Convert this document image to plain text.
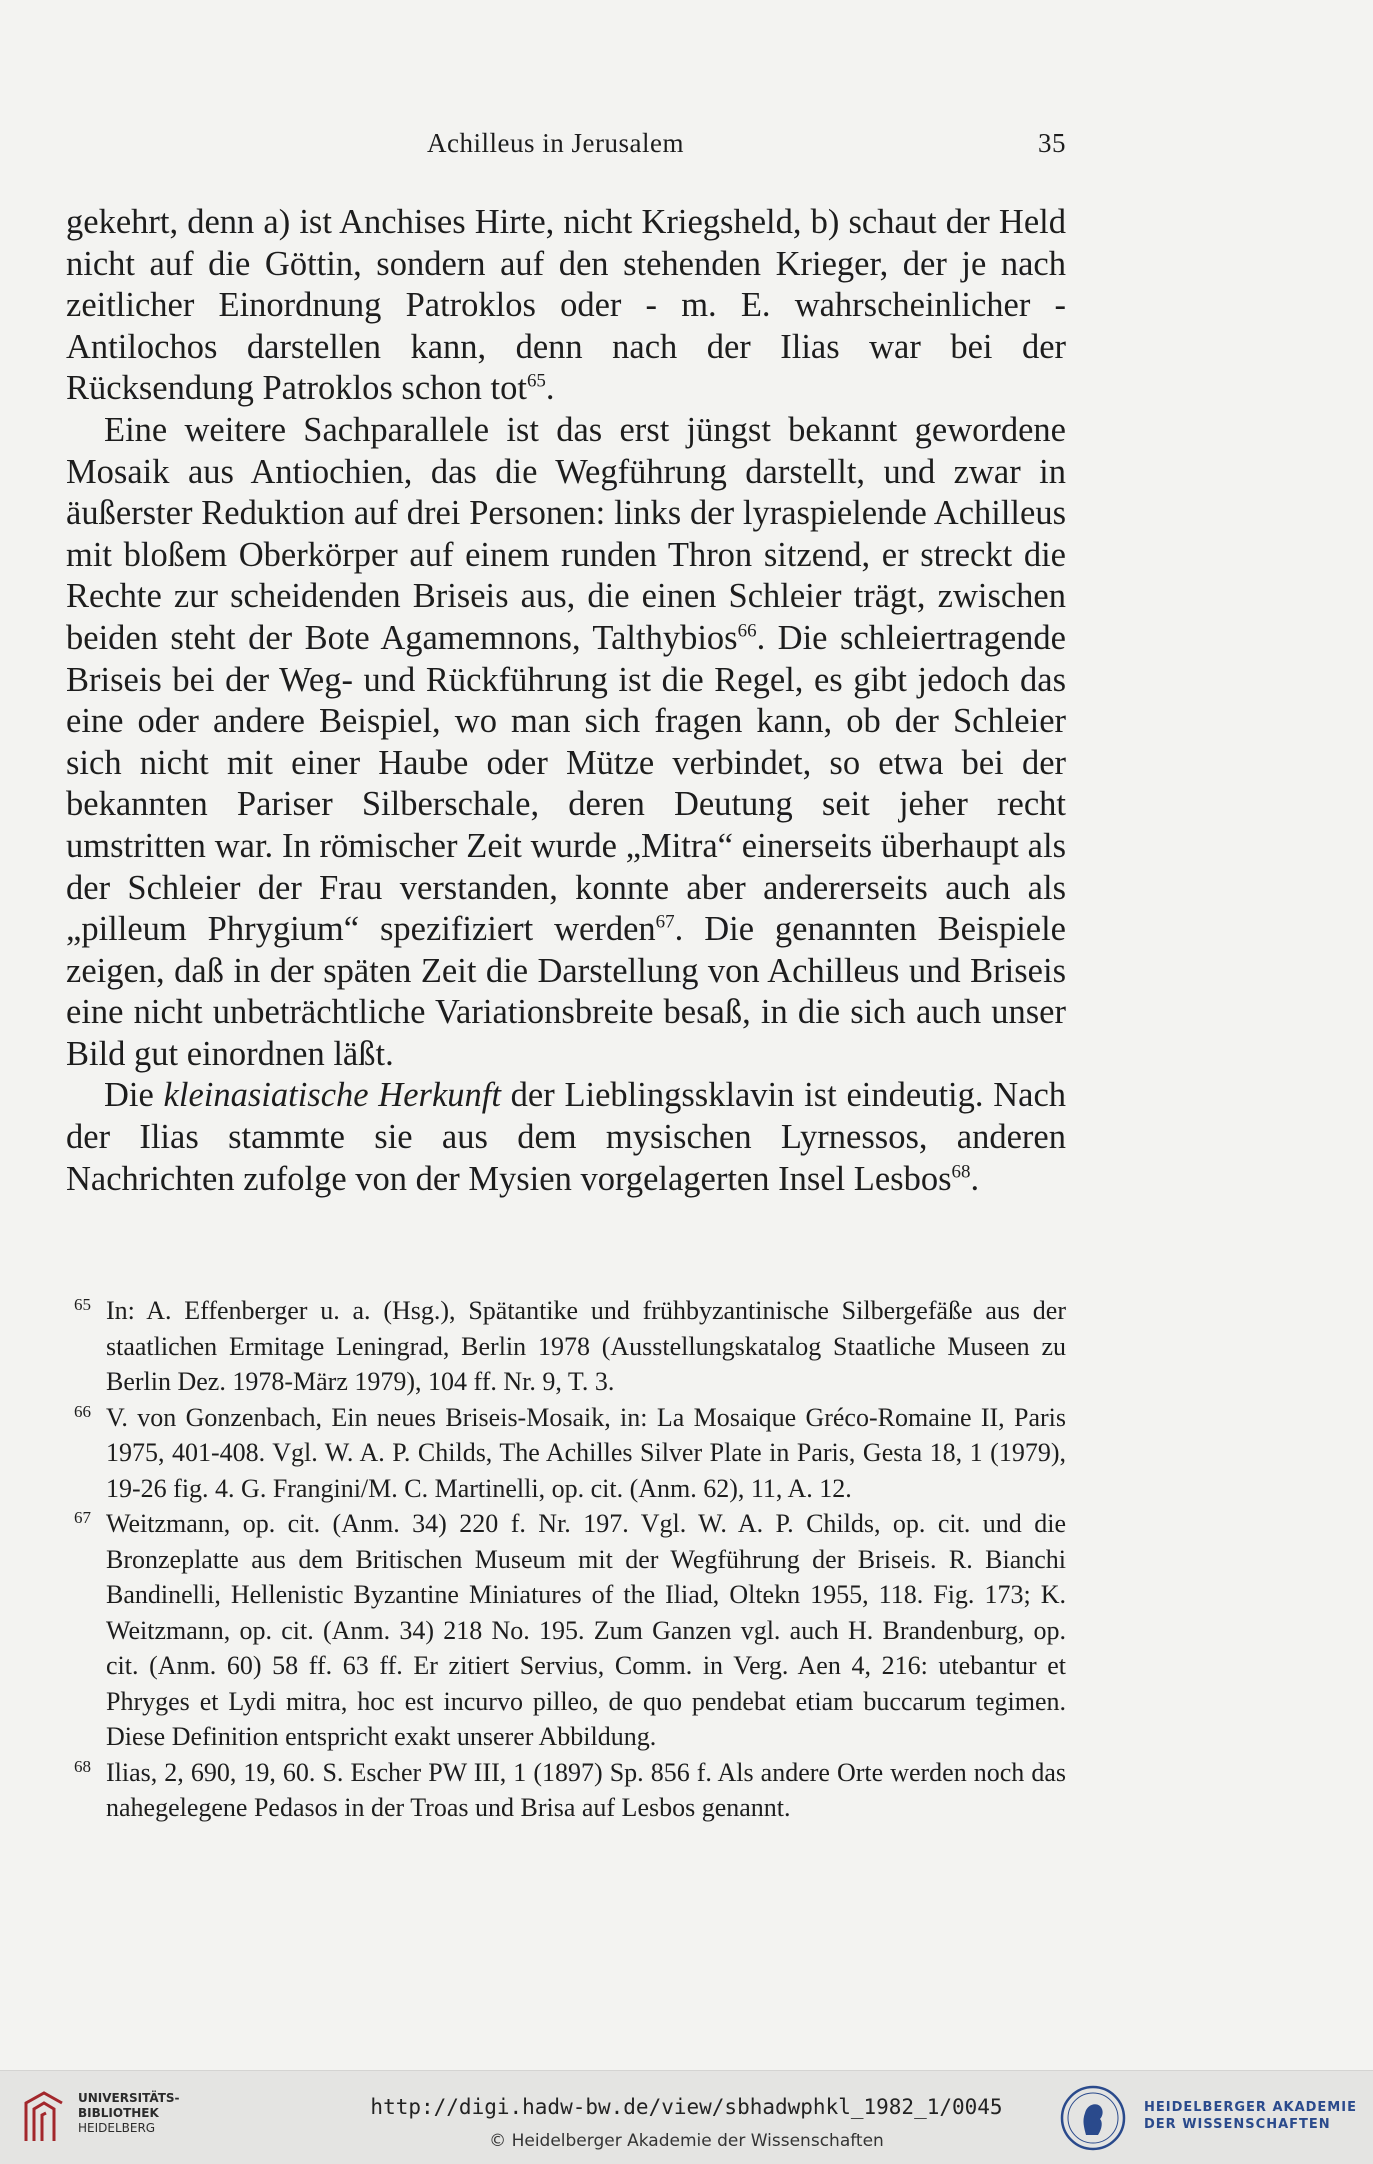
Achilleus in Jerusalem	35

gekehrt, denn a) ist Anchises Hirte, nicht Kriegsheld, b) schaut der Held nicht auf die Göttin, sondern auf den stehenden Krieger, der je nach zeitlicher Einordnung Patroklos oder - m. E. wahrscheinlicher - Antilochos darstellen kann, denn nach der Ilias war bei der Rücksendung Patroklos schon tot$^{65}$.

Eine weitere Sachparallele ist das erst jüngst bekannt gewordene Mosaik aus Antiochien, das die Wegführung darstellt, und zwar in äußerster Reduktion auf drei Personen: links der lyraspielende Achilleus mit bloßem Oberkörper auf einem runden Thron sitzend, er streckt die Rechte zur scheidenden Briseis aus, die einen Schleier trägt, zwischen beiden steht der Bote Agamemnons, Talthybios$^{66}$. Die schleiertragende Briseis bei der Weg- und Rückführung ist die Regel, es gibt jedoch das eine oder andere Beispiel, wo man sich fragen kann, ob der Schleier sich nicht mit einer Haube oder Mütze verbindet, so etwa bei der bekannten Pariser Silberschale, deren Deutung seit jeher recht umstritten war. In römischer Zeit wurde „Mitra“ einerseits überhaupt als der Schleier der Frau verstanden, konnte aber andererseits auch als „pilleum Phrygium“ spezifiziert werden$^{67}$. Die genannten Beispiele zeigen, daß in der späten Zeit die Darstellung von Achilleus und Briseis eine nicht unbeträchtliche Variationsbreite besaß, in die sich auch unser Bild gut einordnen läßt.

Die kleinasiatische Herkunft der Lieblingssklavin ist eindeutig. Nach der Ilias stammte sie aus dem mysischen Lyrnessos, anderen Nachrichten zufolge von der Mysien vorgelagerten Insel Lesbos$^{68}$.

65 In: A. Effenberger u. a. (Hsg.), Spätantike und frühbyzantinische Silbergefäße aus der staatlichen Ermitage Leningrad, Berlin 1978 (Ausstellungskatalog Staatliche Museen zu Berlin Dez. 1978-März 1979), 104 ff. Nr. 9, T. 3.

66 V. von Gonzenbach, Ein neues Briseis-Mosaik, in: La Mosaique Gréco-Romaine II, Paris 1975, 401-408. Vgl. W. A. P. Childs, The Achilles Silver Plate in Paris, Gesta 18, 1 (1979), 19-26 fig. 4. G. Frangini/M. C. Martinelli, op. cit. (Anm. 62), 11, A. 12.

67 Weitzmann, op. cit. (Anm. 34) 220 f. Nr. 197. Vgl. W. A. P. Childs, op. cit. und die Bronzeplatte aus dem Britischen Museum mit der Wegführung der Briseis. R. Bianchi Bandinelli, Hellenistic Byzantine Miniatures of the Iliad, Oltekn 1955, 118. Fig. 173; K. Weitzmann, op. cit. (Anm. 34) 218 No. 195. Zum Ganzen vgl. auch H. Brandenburg, op. cit. (Anm. 60) 58 ff. 63 ff. Er zitiert Servius, Comm. in Verg. Aen 4, 216: utebantur et Phryges et Lydi mitra, hoc est incurvo pilleo, de quo pendebat etiam buccarum tegimen. Diese Definition entspricht exakt unserer Abbildung.

68 Ilias, 2, 690, 19, 60. S. Escher PW III, 1 (1897) Sp. 856 f. Als andere Orte werden noch das nahegelegene Pedasos in der Troas und Brisa auf Lesbos genannt.

UNIVERSITÄTS-
BIBLIOTHEK
HEIDELBERG
http://digi.hadw-bw.de/view/sbhadwphkl_1982_1/0045
© Heidelberger Akademie der Wissenschaften
HEIDELBERGER AKADEMIE
DER WISSENSCHAFTEN
